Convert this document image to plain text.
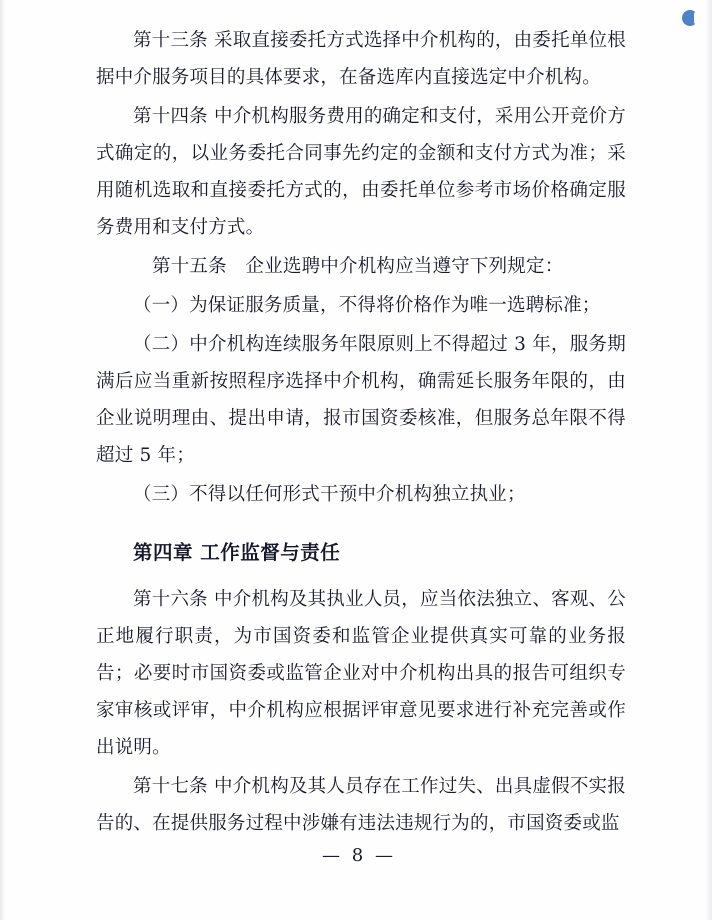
第十三条 采取直接委托方式选择中介机构的，由委托单位根据中介服务项目的具体要求，在备选库内直接选定中介机构。

第十四条 中介机构服务费用的确定和支付，采用公开竞价方式确定的，以业务委托合同事先约定的金额和支付方式为准；采用随机选取和直接委托方式的，由委托单位参考市场价格确定服务费用和支付方式。

第十五条　企业选聘中介机构应当遵守下列规定：

（一）为保证服务质量，不得将价格作为唯一选聘标准；

（二）中介机构连续服务年限原则上不得超过 3 年，服务期满后应当重新按照程序选择中介机构，确需延长服务年限的，由企业说明理由、提出申请，报市国资委核准，但服务总年限不得超过 5 年；

（三）不得以任何形式干预中介机构独立执业；

第四章 工作监督与责任

第十六条 中介机构及其执业人员，应当依法独立、客观、公正地履行职责，为市国资委和监管企业提供真实可靠的业务报告；必要时市国资委或监管企业对中介机构出具的报告可组织专家审核或评审，中介机构应根据评审意见要求进行补充完善或作出说明。

第十七条 中介机构及其人员存在工作过失、出具虚假不实报告的、在提供服务过程中涉嫌有违法违规行为的，市国资委或监

— 8 —
